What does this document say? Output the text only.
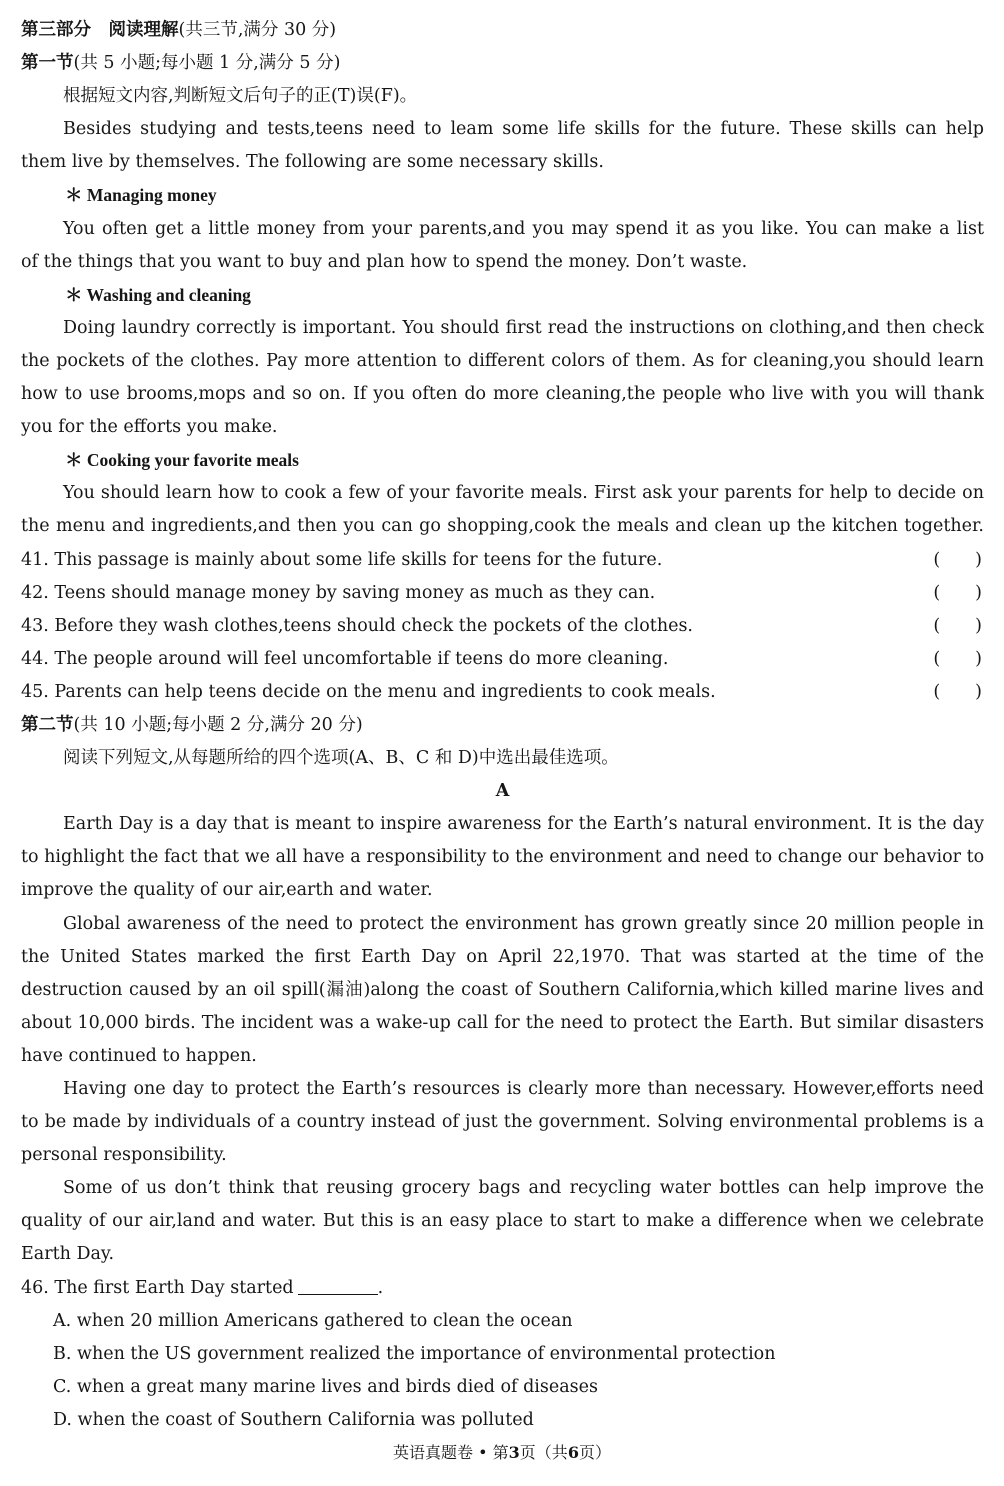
第三部分　阅读理解(共三节,满分 30 分)
第一节(共 5 小题;每小题 1 分,满分 5 分)
根据短文内容,判断短文后句子的正(T)误(F)。
Besides studying and tests,teens need to leam some life skills for the future. These skills can help
them live by themselves. The following are some necessary skills.
＊ Managing money
You often get a little money from your parents,and you may spend it as you like. You can make a list
of the things that you want to buy and plan how to spend the money. Don’t waste.
＊ Washing and cleaning
Doing laundry correctly is important. You should first read the instructions on clothing,and then check
the pockets of the clothes. Pay more attention to different colors of them. As for cleaning,you should learn
how to use brooms,mops and so on. If you often do more cleaning,the people who live with you will thank
you for the efforts you make.
＊ Cooking your favorite meals
You should learn how to cook a few of your favorite meals. First ask your parents for help to decide on
the menu and ingredients,and then you can go shopping,cook the meals and clean up the kitchen together.
41. This passage is mainly about some life skills for teens for the future.	(　　)
42. Teens should manage money by saving money as much as they can.	(　　)
43. Before they wash clothes,teens should check the pockets of the clothes.	(　　)
44. The people around will feel uncomfortable if teens do more cleaning.	(　　)
45. Parents can help teens decide on the menu and ingredients to cook meals.	(　　)
第二节(共 10 小题;每小题 2 分,满分 20 分)
阅读下列短文,从每题所给的四个选项(A、B、C 和 D)中选出最佳选项。
A
Earth Day is a day that is meant to inspire awareness for the Earth’s natural environment. It is the day
to highlight the fact that we all have a responsibility to the environment and need to change our behavior to
improve the quality of our air,earth and water.
Global awareness of the need to protect the environment has grown greatly since 20 million people in
the United States marked the first Earth Day on April 22,1970. That was started at the time of the
destruction caused by an oil spill(漏油)along the coast of Southern California,which killed marine lives and
about 10,000 birds. The incident was a wake-up call for the need to protect the Earth. But similar disasters
have continued to happen.
Having one day to protect the Earth’s resources is clearly more than necessary. However,efforts need
to be made by individuals of a country instead of just the government. Solving environmental problems is a
personal responsibility.
Some of us don’t think that reusing grocery bags and recycling water bottles can help improve the
quality of our air,land and water. But this is an easy place to start to make a difference when we celebrate
Earth Day.
46. The first Earth Day started	.
A. when 20 million Americans gathered to clean the ocean
B. when the US government realized the importance of environmental protection
C. when a great many marine lives and birds died of diseases
D. when the coast of Southern California was polluted
英语真题卷 • 第3页（共6页）
